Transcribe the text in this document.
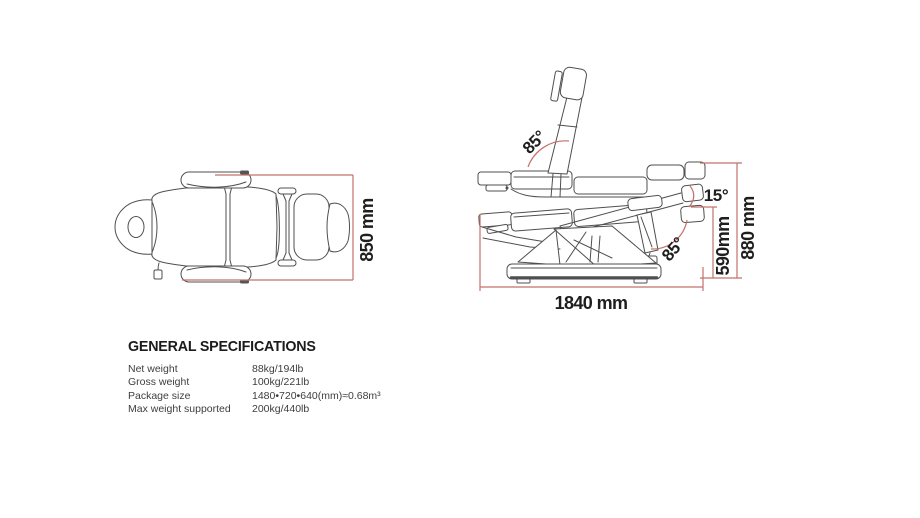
850 mm
85°
15°
85° 590mm 880 mm
1840 mm
GENERAL SPECIFICATIONS
Net weight	88kg/194lb
Gross weight	100kg/221lb
Package size	1480•720•640(mm)≈0.68m³
Max weight supported	200kg/440lb
